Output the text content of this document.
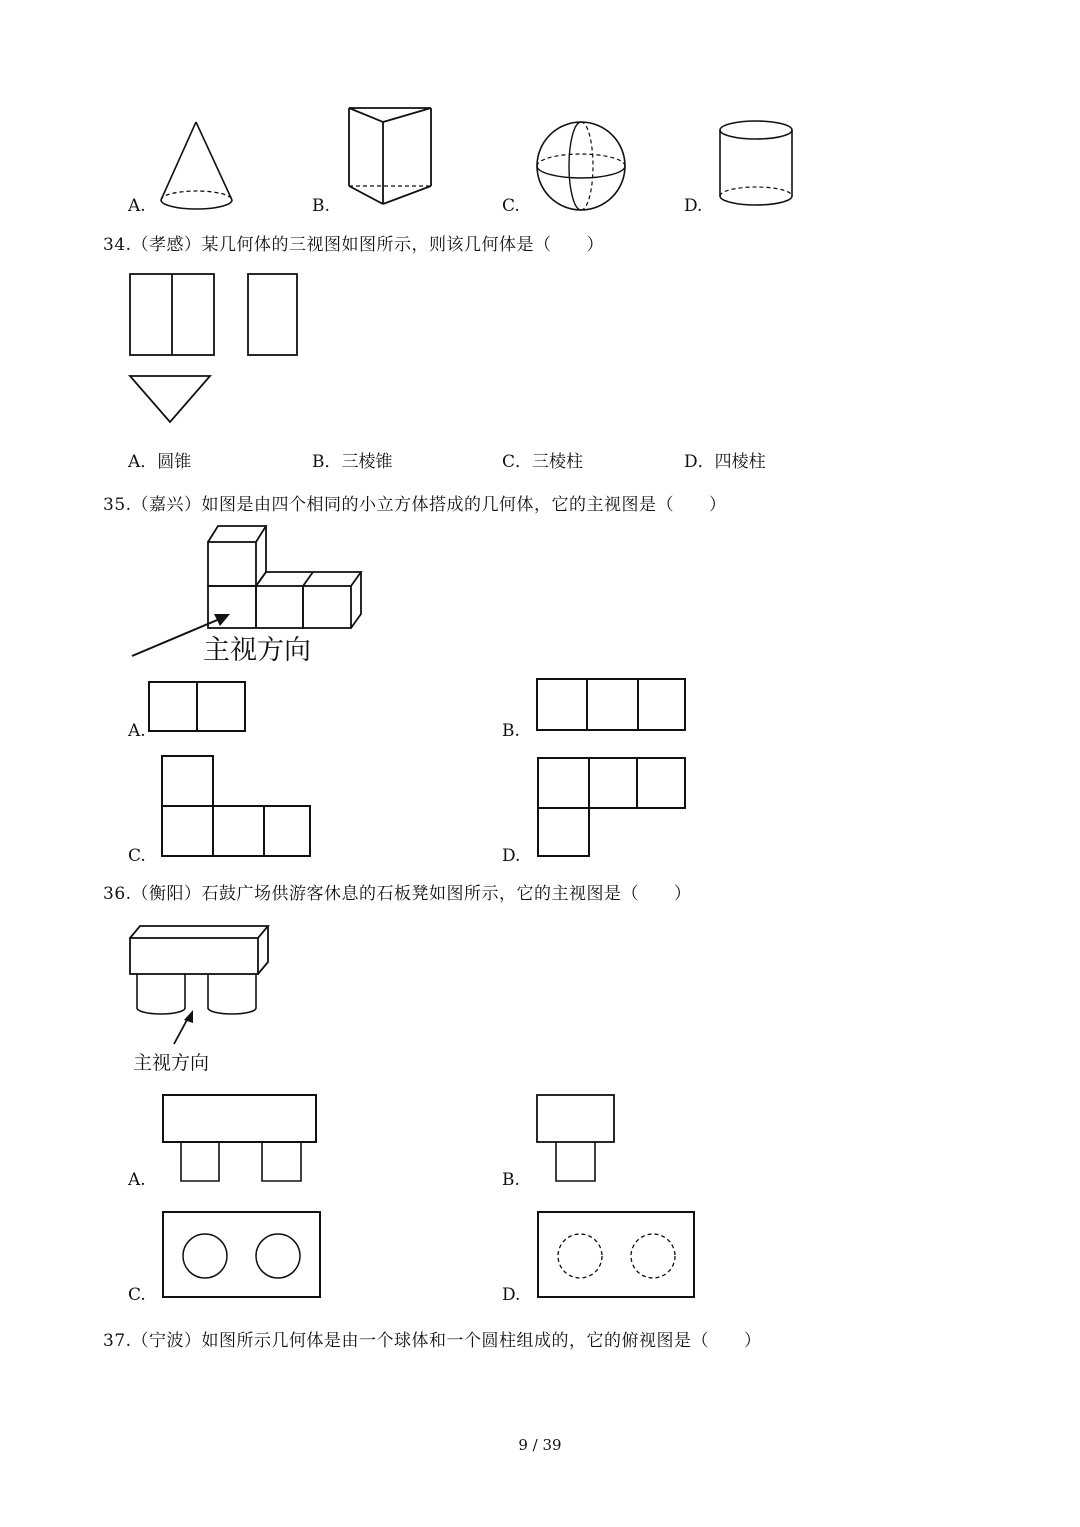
A.	B.	C.	D.
34.（孝感）某几何体的三视图如图所示，则该几何体是（　　）
A．圆锥	B．三棱锥	C．三棱柱	D．四棱柱
35.（嘉兴）如图是由四个相同的小立方体搭成的几何体，它的主视图是（　　）
主视方向
A.	B.
C.	D.
36.（衡阳）石鼓广场供游客休息的石板凳如图所示，它的主视图是（　　）
主视方向
A.	B.
C.	D.
37.（宁波）如图所示几何体是由一个球体和一个圆柱组成的，它的俯视图是（　　）
9 / 39
